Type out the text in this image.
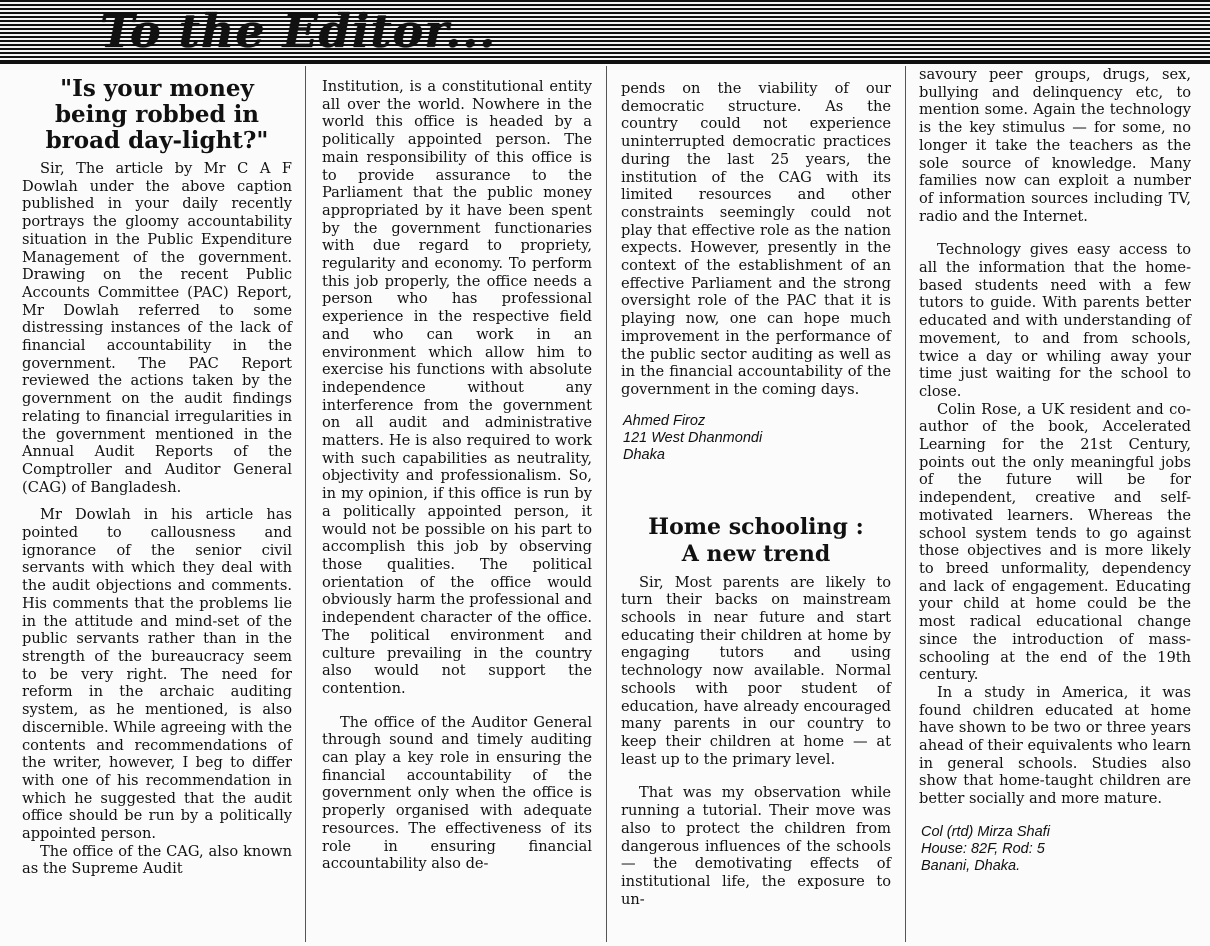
To the Editor...
"Is your money being robbed in broad day-light?"

Sir, The article by Mr C A F Dowlah under the above caption published in your daily recently portrays the gloomy accountability situation in the Public Expenditure Management of the government. Drawing on the recent Public Accounts Committee (PAC) Report, Mr Dowlah referred to some distressing instances of the lack of financial accountability in the government. The PAC Report reviewed the actions taken by the government on the audit findings relating to financial irregularities in the government mentioned in the Annual Audit Reports of the Comptroller and Auditor General (CAG) of Bangladesh.

Mr Dowlah in his article has pointed to callousness and ignorance of the senior civil servants with which they deal with the audit objections and comments. His comments that the problems lie in the attitude and mind-set of the public servants rather than in the strength of the bureaucracy seem to be very right. The need for reform in the archaic auditing system, as he mentioned, is also discernible. While agreeing with the contents and recommendations of the writer, however, I beg to differ with one of his recommendation in which he suggested that the audit office should be run by a politically appointed person.

The office of the CAG, also known as the Supreme Audit

Institution, is a constitutional entity all over the world. Nowhere in the world this office is headed by a politically appointed person. The main responsibility of this office is to provide assurance to the Parliament that the public money appropriated by it have been spent by the government functionaries with due regard to propriety, regularity and economy. To perform this job properly, the office needs a person who has professional experience in the respective field and who can work in an environment which allow him to exercise his functions with absolute independence without any interference from the government on all audit and administrative matters. He is also required to work with such capabilities as neutrality, objectivity and professionalism. So, in my opinion, if this office is run by a politically appointed person, it would not be possible on his part to accomplish this job by observing those qualities. The political orientation of the office would obviously harm the professional and independent character of the office. The political environment and culture prevailing in the country also would not support the contention.

The office of the Auditor General through sound and timely auditing can play a key role in ensuring the financial accountability of the government only when the office is properly organised with adequate resources. The effectiveness of its role in ensuring financial accountability also de-

pends on the viability of our democratic structure. As the country could not experience uninterrupted democratic practices during the last 25 years, the institution of the CAG with its limited resources and other constraints seemingly could not play that effective role as the nation expects. However, presently in the context of the establishment of an effective Parliament and the strong oversight role of the PAC that it is playing now, one can hope much improvement in the performance of the public sector auditing as well as in the financial accountability of the government in the coming days.

Ahmed Firoz
121 West Dhanmondi
Dhaka
Home schooling :
A new trend

Sir, Most parents are likely to turn their backs on mainstream schools in near future and start educating their children at home by engaging tutors and using technology now available. Normal schools with poor student of education, have already encouraged many parents in our country to keep their children at home — at least up to the primary level.

That was my observation while running a tutorial. Their move was also to protect the children from dangerous influences of the schools — the demotivating effects of institutional life, the exposure to un-

savoury peer groups, drugs, sex, bullying and delinquency etc, to mention some. Again the technology is the key stimulus — for some, no longer it take the teachers as the sole source of knowledge. Many families now can exploit a number of information sources including TV, radio and the Internet.

Technology gives easy access to all the information that the home-based students need with a few tutors to guide. With parents better educated and with understanding of movement, to and from schools, twice a day or whiling away your time just waiting for the school to close.

Colin Rose, a UK resident and co-author of the book, Accelerated Learning for the 21st Century, points out the only meaningful jobs of the future will be for independent, creative and self-motivated learners. Whereas the school system tends to go against those objectives and is more likely to breed unformality, dependency and lack of engagement. Educating your child at home could be the most radical educational change since the introduction of mass-schooling at the end of the 19th century.

In a study in America, it was found children educated at home have shown to be two or three years ahead of their equivalents who learn in general schools. Studies also show that home-taught children are better socially and more mature.

Col (rtd) Mirza Shafi
House: 82F, Rod: 5
Banani, Dhaka.
